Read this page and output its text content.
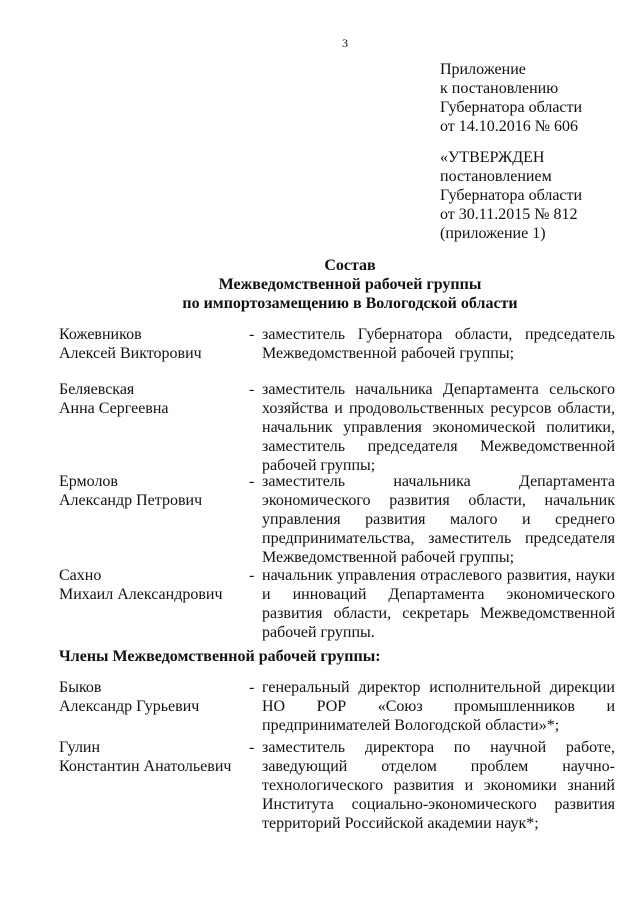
3
Приложение
к постановлению
Губернатора области
от 14.10.2016 № 606
«УТВЕРЖДЕН
постановлением
Губернатора области
от 30.11.2015 № 812
(приложение 1)
Состав
Межведомственной рабочей группы
по импортозамещению в Вологодской области
Кожевников
Алексей Викторович
- заместитель Губернатора области, председатель Межведомственной рабочей группы;
Беляевская
Анна Сергеевна
- заместитель начальника Департамента сельского хозяйства и продовольственных ресурсов области, начальник управления экономической политики, заместитель председателя Межведомственной рабочей группы;
Ермолов
Александр Петрович
- заместитель начальника Департамента экономического развития области, начальник управления развития малого и среднего предпринимательства, заместитель председателя Межведомственной рабочей группы;
Сахно
Михаил Александрович
- начальник управления отраслевого развития, науки и инноваций Департамента экономического развития области, секретарь Межведомственной рабочей группы.
Члены Межведомственной рабочей группы:
Быков
Александр Гурьевич
- генеральный директор исполнительной дирекции НО РОР «Союз промышленников и предпринимателей Вологодской области»*;
Гулин
Константин Анатольевич
- заместитель директора по научной работе, заведующий отделом проблем научно-технологического развития и экономики знаний Института социально-экономического развития территорий Российской академии наук*;
